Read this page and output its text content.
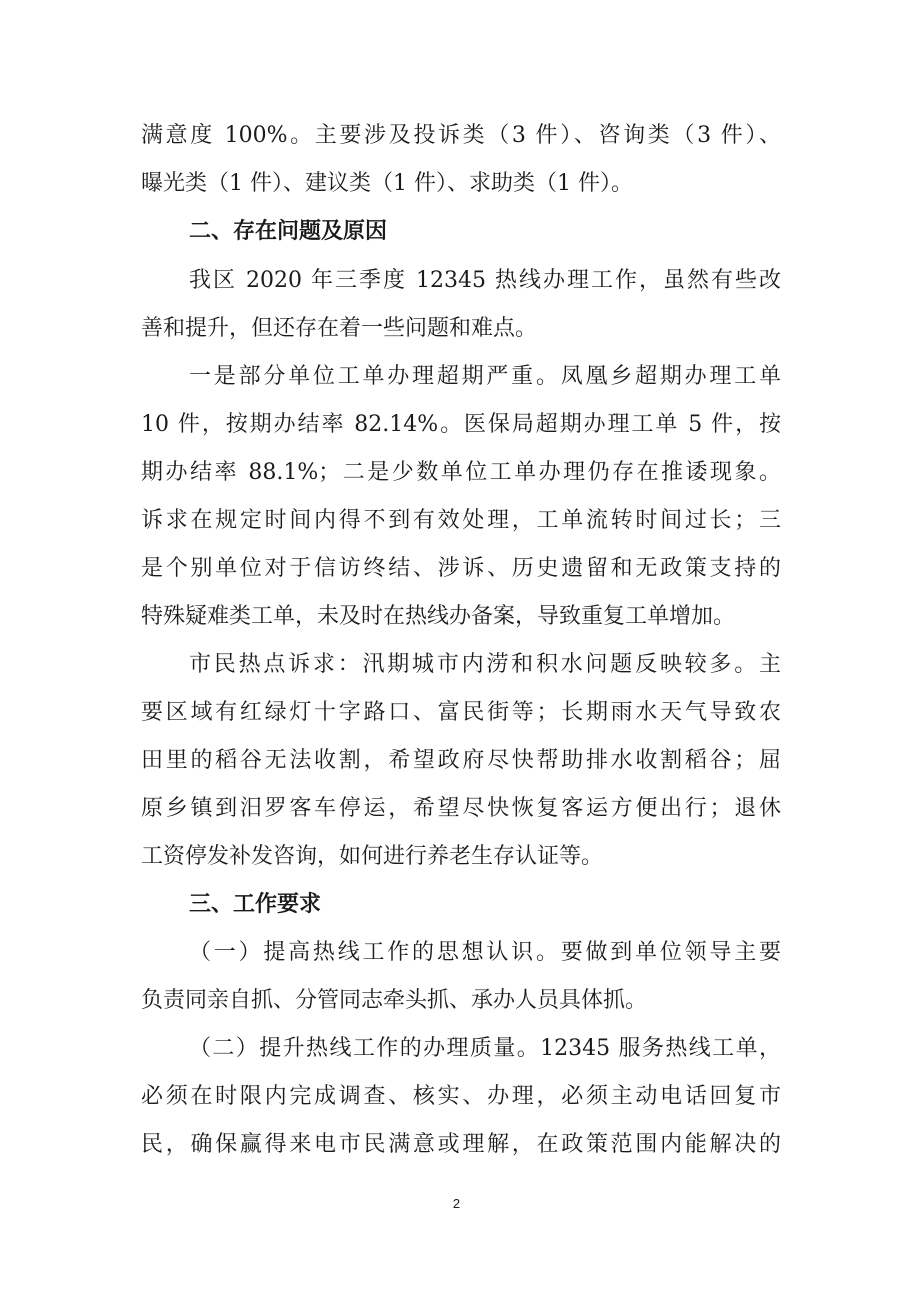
满意度 100%。主要涉及投诉类（3 件）、咨询类（3 件）、
曝光类（1 件）、建议类（1 件）、求助类（1 件）。
二、存在问题及原因
我区 2020 年三季度 12345 热线办理工作，虽然有些改
善和提升，但还存在着一些问题和难点。
一是部分单位工单办理超期严重。凤凰乡超期办理工单
10 件，按期办结率 82.14%。医保局超期办理工单 5 件，按
期办结率 88.1%；二是少数单位工单办理仍存在推诿现象。
诉求在规定时间内得不到有效处理，工单流转时间过长；三
是个别单位对于信访终结、涉诉、历史遗留和无政策支持的
特殊疑难类工单，未及时在热线办备案，导致重复工单增加。
市民热点诉求：汛期城市内涝和积水问题反映较多。主
要区域有红绿灯十字路口、富民街等；长期雨水天气导致农
田里的稻谷无法收割，希望政府尽快帮助排水收割稻谷；屈
原乡镇到汨罗客车停运，希望尽快恢复客运方便出行；退休
工资停发补发咨询，如何进行养老生存认证等。
三、工作要求
（一）提高热线工作的思想认识。要做到单位领导主要
负责同亲自抓、分管同志牵头抓、承办人员具体抓。
（二）提升热线工作的办理质量。12345 服务热线工单，
必须在时限内完成调查、核实、办理，必须主动电话回复市
民，确保赢得来电市民满意或理解，在政策范围内能解决的
2
